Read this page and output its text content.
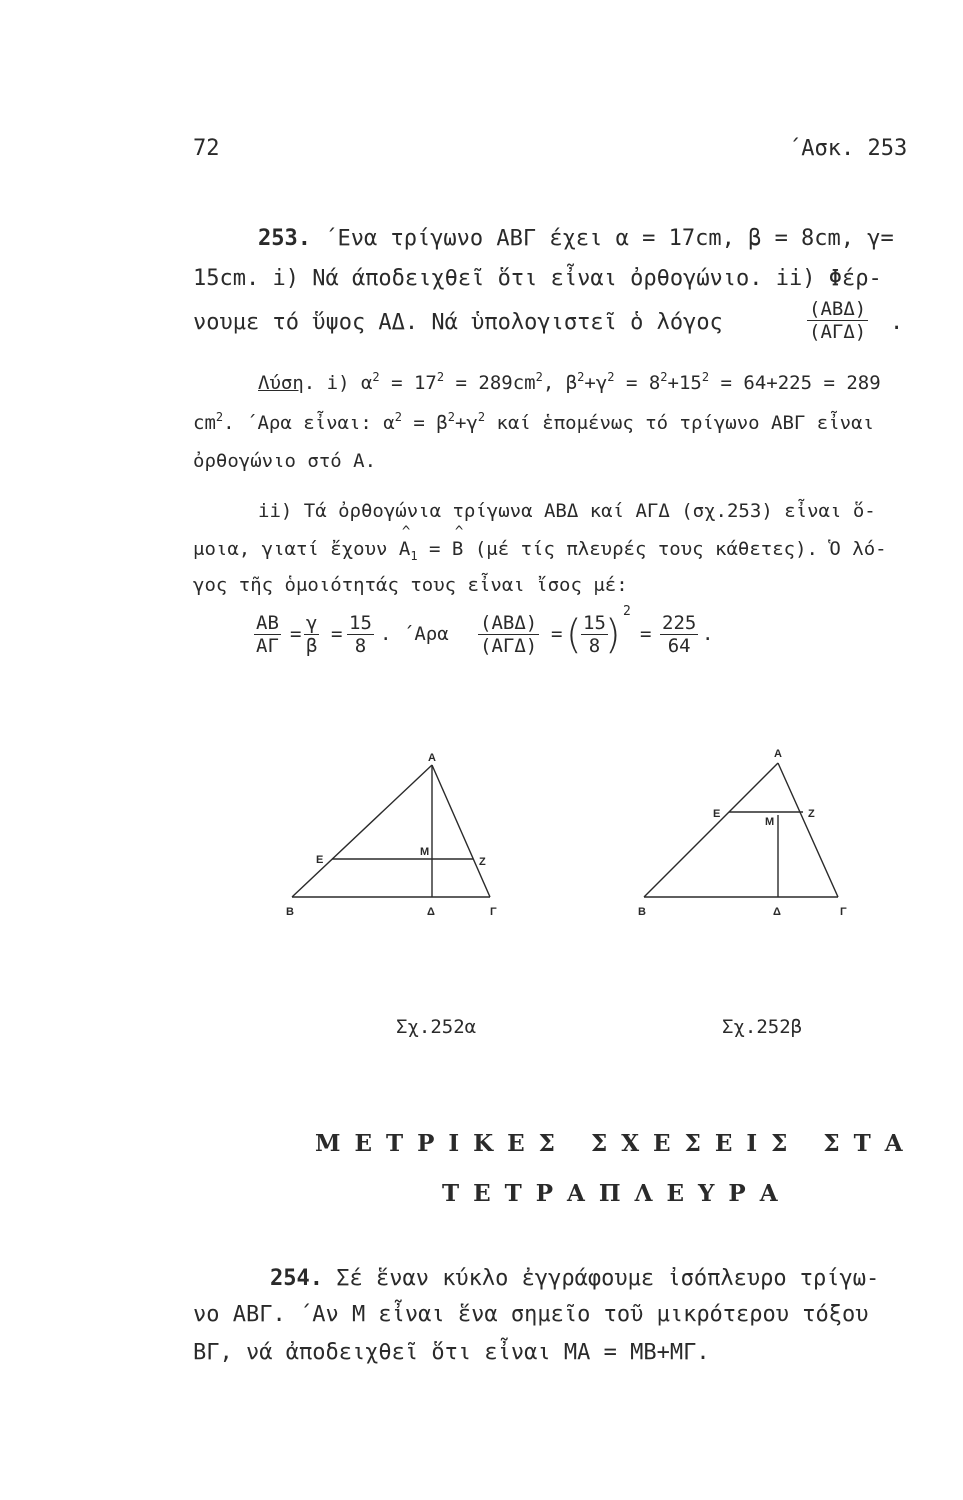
72	΄Ασκ. 253
253. ΄Ενα τρίγωνο ΑΒΓ έχει α = 17cm, β = 8cm, γ=
15cm. i) Νά άποδειχθεῖ ὅτι εἶναι ὀρθογώνιο. ii) Φέρ-
νουμε τό ὕψος ΑΔ. Νά ὑπολογιστεῖ ὁ λόγος
(ΑΒΔ)
(ΑΓΔ) .
Λύση. i) $\alpha^2 = 17^2 = 289cm^2$, $\beta^2+\gamma^2 = 8^2+15^2 = 64+225 = 289$
$cm^2$. ΄Αρα εἶναι: $\alpha^2 = \beta^2+\gamma^2$ καί ἑπομένως τό τρίγωνο ΑΒΓ εἶναι
ὀρθογώνιο στό Α.
ii) Τά ὀρθογώνια τρίγωνα ΑΒΔ καί ΑΓΔ (σχ.253) εἶναι ὅ-
μοια, γιατί ἔχουν ^ $A_1$ = ^ Β (μέ τίς πλευρές τους κάθετες). Ὁ λό-
γος τῆς ὁμοιότητάς τους εἶναι ἴσος μέ:
$\frac{AB}{A\Gamma} = \frac{\gamma}{\beta} = \frac{15}{8}$ . ΄Αρα (ΑΒΔ)
(ΑΓΔ)
= ( $\frac{15}{8}$
)
2
= $\frac{225}{64}$ .
Α
Β	Γ
Δ
Ε
Μ
Ζ
Σχ.252α
Α
Β	Γ
Δ
Ε
Μ
Ζ
Σχ.252β
ΜΕΤΡΙΚΕΣ ΣΧΕΣΕΙΣ ΣΤΑ
ΤΕΤΡΑΠΛΕΥΡΑ
254. Σέ ἕναν κύκλο ἐγγράφουμε ἰσόπλευρο τρίγω-
νο ΑΒΓ. ΄Αν Μ εἶναι ἕνα σημεῖο τοῦ μικρότερου τόξου
ΒΓ, νά ἀποδειχθεῖ ὅτι εἶναι ΜΑ = ΜΒ+ΜΓ.
